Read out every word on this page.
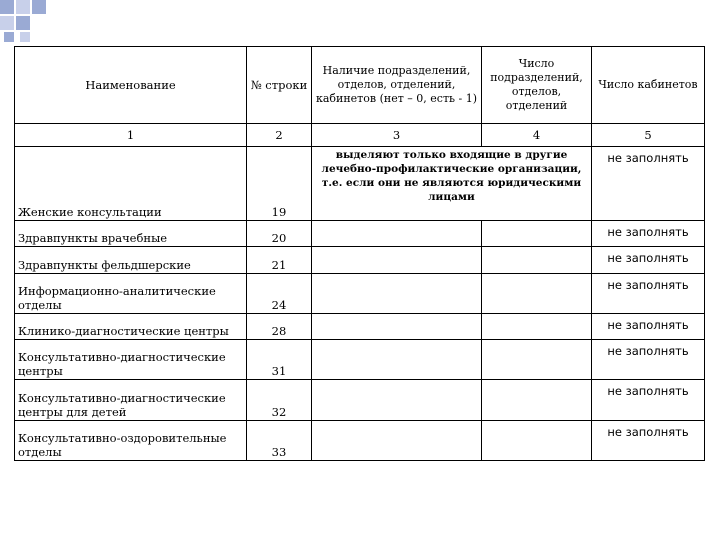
Наименование	№ строки	Наличие подразделений, отделов, отделений, кабинетов (нет – 0, есть - 1)	Число подразделений, отделов, отделений	Число кабинетов
1	2	3	4	5
Женские консультации	19	выделяют только входящие в другие лечебно-профилактические организации, т.е. если они не являются юридическими лицами		не заполнять
Здравпункты врачебные	20			не заполнять
Здравпункты фельдшерские	21			не заполнять
Информационно-аналитические отделы	24			не заполнять
Клинико-диагностические центры	28			не заполнять
Консультативно-диагностические центры	31			не заполнять
Консультативно-диагностические центры для детей	32			не заполнять
Консультативно-оздоровительные отделы	33			не заполнять
